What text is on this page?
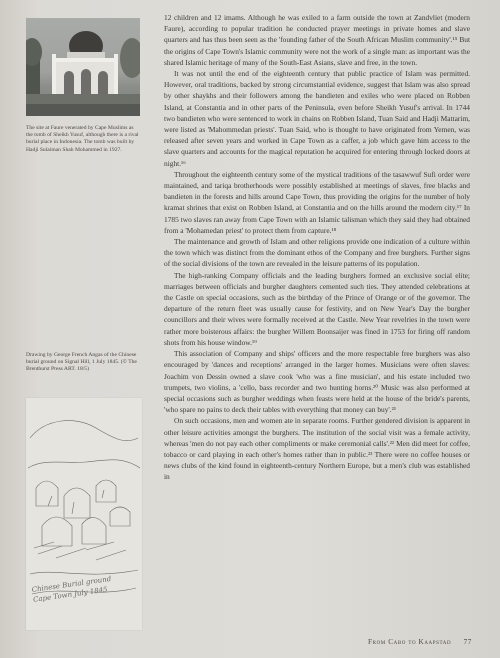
The site at Faure venerated by Cape Muslims as the tomb of Sheikh Yusuf, although there is a rival burial place in Indonesia. The tomb was built by Hadji Sulaiman Shah Mohammed in 1927.
Drawing by George French Angas of the Chinese burial ground on Signal Hill, 1 July 1845. (© The Brenthurst Press ART. 18/5)
Chinese Burial ground Cape Town July 1845

12 children and 12 imams. Although he was exiled to a farm outside the town at Zandvliet (modern Faure), according to popular tradition he conducted prayer meetings in private homes and slave quarters and has thus been seen as the 'founding father of the South African Muslim community'.¹⁵ But the origins of Cape Town's Islamic community were not the work of a single man: as important was the shared Islamic heritage of many of the South-East Asians, slave and free, in the town.

It was not until the end of the eighteenth century that public practice of Islam was permitted. However, oral traditions, backed by strong circumstantial evidence, suggest that Islam was also spread by other shaykhs and their followers among the bandieten and exiles who were placed on Robben Island, at Constantia and in other parts of the Peninsula, even before Sheikh Yusuf's arrival. In 1744 two bandieten who were sentenced to work in chains on Robben Island, Tuan Said and Hadji Mattarim, were listed as 'Mahommedan priests'. Tuan Said, who is thought to have originated from Yemen, was released after seven years and worked in Cape Town as a caffer, a job which gave him access to the slave quarters and accounts for the magical reputation he acquired for entering through locked doors at night.¹⁶

Throughout the eighteenth century some of the mystical traditions of the tasawwuf Sufi order were maintained, and tariqa brotherhoods were possibly established at meetings of slaves, free blacks and bandieten in the forests and hills around Cape Town, thus providing the origins for the number of holy kramat shrines that exist on Robben Island, at Constantia and on the hills around the modern city.¹⁷ In 1785 two slaves ran away from Cape Town with an Islamic talisman which they said they had obtained from a 'Mohamedan priest' to protect them from capture.¹⁸

The maintenance and growth of Islam and other religions provide one indication of a culture within the town which was distinct from the dominant ethos of the Company and free burghers. Further signs of the social divisions of the town are revealed in the leisure patterns of its population.

The high-ranking Company officials and the leading burghers formed an exclusive social elite; marriages between officials and burgher daughters cemented such ties. They attended celebrations at the Castle on special occasions, such as the birthday of the Prince of Orange or of the governor. The departure of the return fleet was usually cause for festivity, and on New Year's Day the burgher councillors and their wives were formally received at the Castle. New Year revelries in the town were rather more boisterous affairs: the burgher Willem Boonsaijer was fined in 1753 for firing off random shots from his house window.¹⁹

This association of Company and ships' officers and the more respectable free burghers was also encouraged by 'dances and receptions' arranged in the larger homes. Musicians were often slaves: Joachim von Dessin owned a slave cook 'who was a fine musician', and his estate included two trumpets, two violins, a 'cello, bass recorder and two hunting horns.²⁰ Music was also performed at special occasions such as burgher weddings when feasts were held at the house of the bride's parents, 'who spare no pains to deck their tables with everything that money can buy'.²¹

On such occasions, men and women ate in separate rooms. Further gendered division is apparent in other leisure activities amongst the burghers. The institution of the social visit was a female activity, whereas 'men do not pay each other compliments or make ceremonial calls'.²² Men did meet for coffee, tobacco or card playing in each other's homes rather than in public.²³ There were no coffee houses or news clubs of the kind found in eighteenth-century Northern Europe, but a men's club was established in

From Cabo to Kaapstad 77
